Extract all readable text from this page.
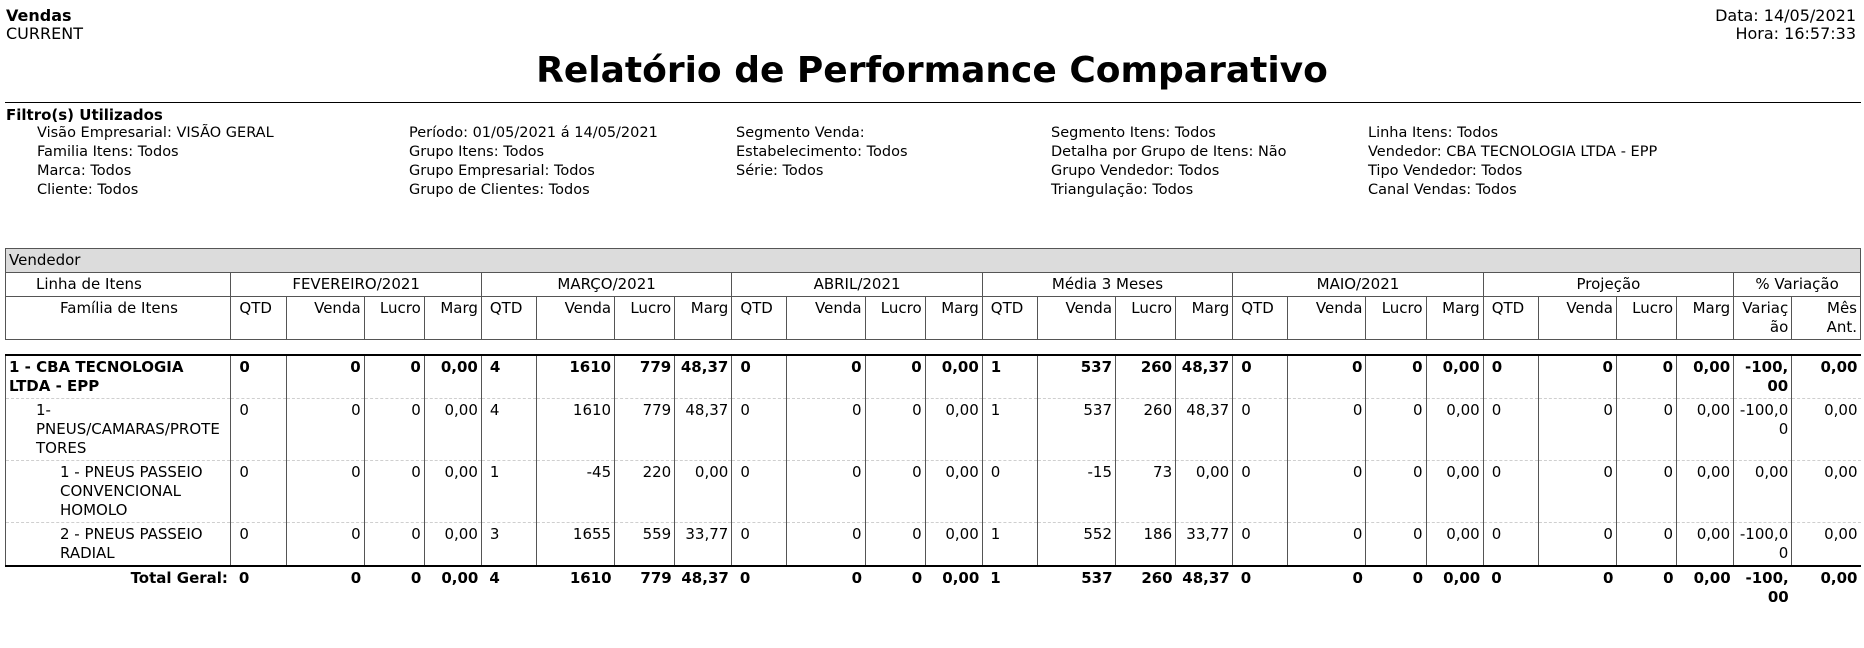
Vendas
CURRENT
Data: 14/05/2021
Hora: 16:57:33
Relatório de Performance Comparativo
Filtro(s) Utilizados
Visão Empresarial: VISÃO GERAL
Familia Itens: Todos
Marca: Todos
Cliente: Todos
Período: 01/05/2021 á 14/05/2021
Grupo Itens: Todos
Grupo Empresarial: Todos
Grupo de Clientes: Todos
Segmento Venda:
Estabelecimento: Todos
Série: Todos
Segmento Itens: Todos
Detalha por Grupo de Itens: Não
Grupo Vendedor: Todos
Triangulação: Todos
Linha Itens: Todos
Vendedor: CBA TECNOLOGIA LTDA - EPP
Tipo Vendedor: Todos
Canal Vendas: Todos
Vendedor																										
Linha de Itens	FEVEREIRO/2021				MARÇO/2021				ABRIL/2021				Média 3 Meses				MAIO/2021				Projeção				% Variação	
Família de Itens	QTD	Venda	Lucro	Marg	QTD	Venda	Lucro	Marg	QTD	Venda	Lucro	Marg	QTD	Venda	Lucro	Marg	QTD	Venda	Lucro	Marg	QTD	Venda	Lucro	Marg	Variação	Mês Ant.

1 - CBA TECNOLOGIA LTDA - EPP	0	0	0	0,00	4	1610	779	48,37	0	0	0	0,00	1	537	260	48,37	0	0	0	0,00	0	0	0	0,00	-100,00	0,00
1-PNEUS/CAMARAS/PROTETORES	0	0	0	0,00	4	1610	779	48,37	0	0	0	0,00	1	537	260	48,37	0	0	0	0,00	0	0	0	0,00	-100,00	0,00
1 - PNEUS PASSEIO CONVENCIONAL HOMOLO	0	0	0	0,00	1	-45	220	0,00	0	0	0	0,00	0	-15	73	0,00	0	0	0	0,00	0	0	0	0,00	0,00	0,00
2 - PNEUS PASSEIO RADIAL	0	0	0	0,00	3	1655	559	33,77	0	0	0	0,00	1	552	186	33,77	0	0	0	0,00	0	0	0	0,00	-100,00	0,00
Total Geral:	0	0	0	0,00	4	1610	779	48,37	0	0	0	0,00	1	537	260	48,37	0	0	0	0,00	0	0	0	0,00	-100,00	0,00
